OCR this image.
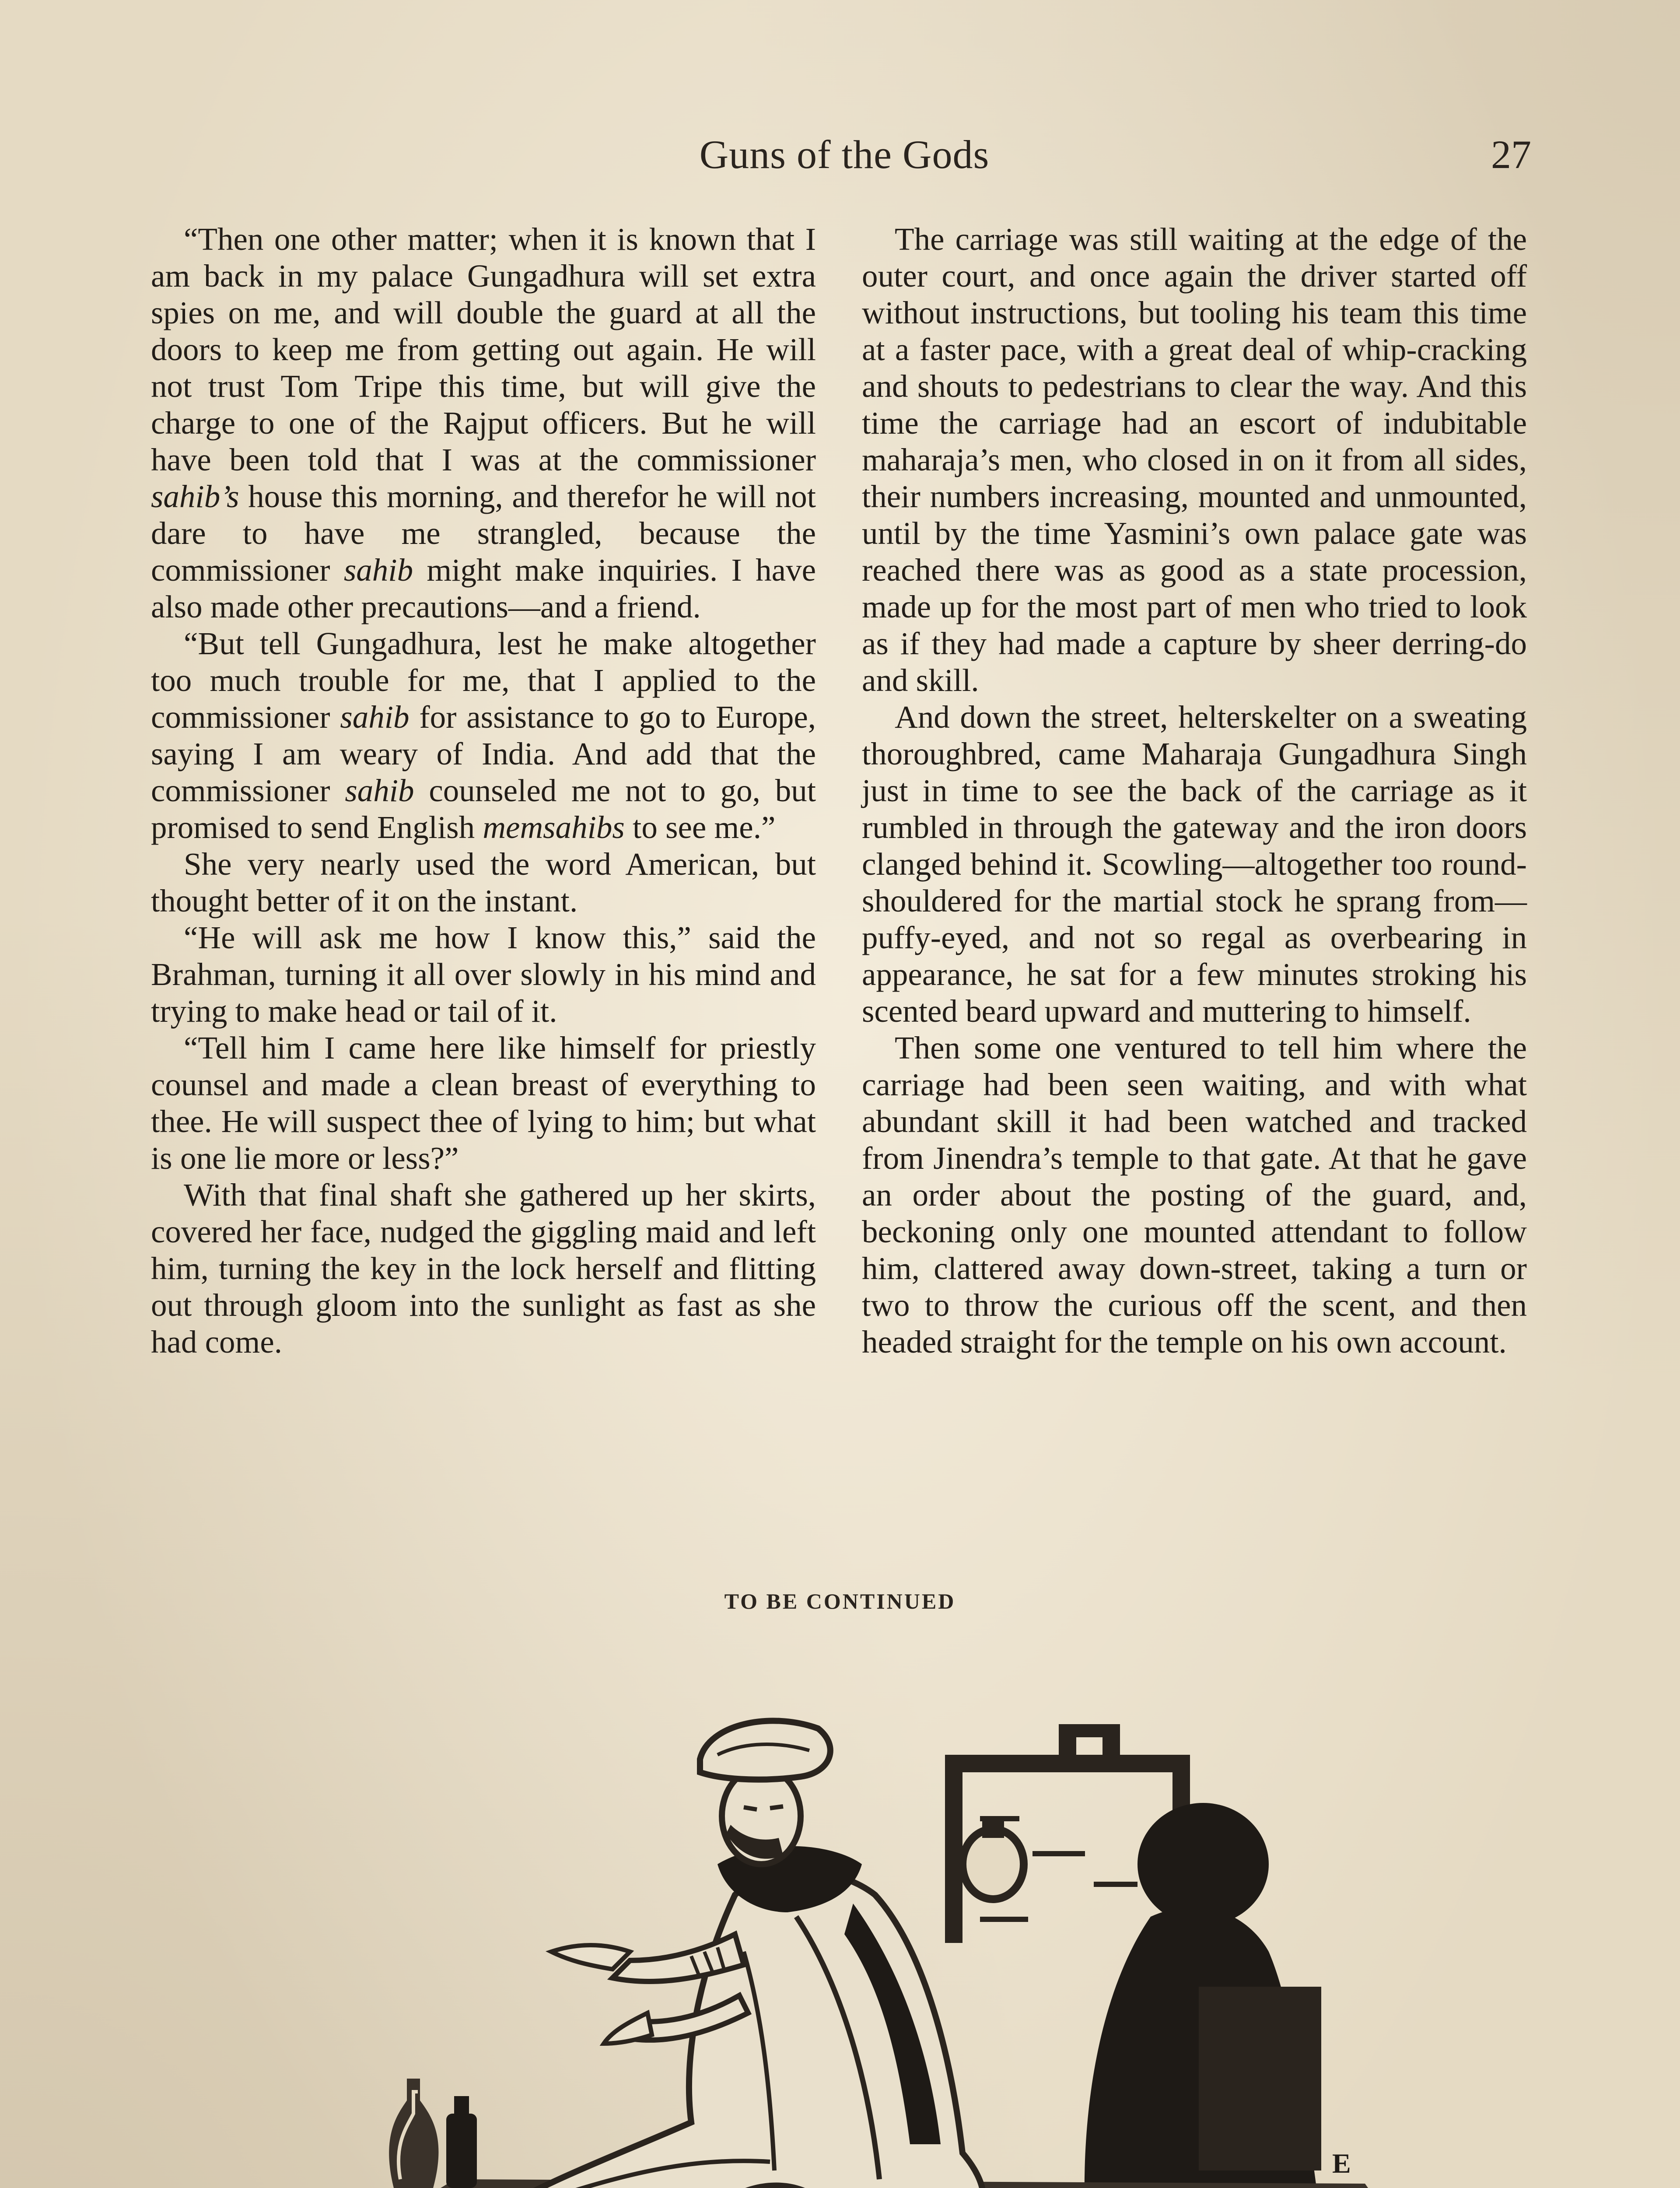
Guns of the Gods	27

“Then one other matter; when it is known that I am back in my palace Gungadhura will set extra spies on me, and will double the guard at all the doors to keep me from getting out again. He will not trust Tom Tripe this time, but will give the charge to one of the Rajput officers. But he will have been told that I was at the commissioner sahib’s house this morning, and therefor he will not dare to have me strangled, because the commissioner sahib might make inquiries. I have also made other precautions—and a friend.

“But tell Gungadhura, lest he make altogether too much trouble for me, that I applied to the commissioner sahib for assistance to go to Europe, saying I am weary of India. And add that the commissioner sahib counseled me not to go, but promised to send English memsahibs to see me.”

She very nearly used the word American, but thought better of it on the instant.

“He will ask me how I know this,” said the Brahman, turning it all over slowly in his mind and trying to make head or tail of it.

“Tell him I came here like himself for priestly counsel and made a clean breast of everything to thee. He will suspect thee of lying to him; but what is one lie more or less?”

With that final shaft she gathered up her skirts, covered her face, nudged the giggling maid and left him, turning the key in the lock herself and flitting out through gloom into the sunlight as fast as she had come.

The carriage was still waiting at the edge of the outer court, and once again the driver started off without instructions, but tooling his team this time at a faster pace, with a great deal of whip-cracking and shouts to pedestrians to clear the way. And this time the carriage had an escort of indubitable maharaja’s men, who closed in on it from all sides, their numbers increasing, mounted and unmounted, until by the time Yasmini’s own palace gate was reached there was as good as a state procession, made up for the most part of men who tried to look as if they had made a capture by sheer derring-do and skill.

And down the street, helterskelter on a sweating thoroughbred, came Maharaja Gungadhura Singh just in time to see the back of the carriage as it rumbled in through the gateway and the iron doors clanged behind it. Scowling—altogether too round-shouldered for the martial stock he sprang from—puffy-eyed, and not so regal as overbearing in appearance, he sat for a few minutes stroking his scented beard upward and muttering to himself.

Then some one ventured to tell him where the carriage had been seen waiting, and with what abundant skill it had been watched and tracked from Jinendra’s temple to that gate. At that he gave an order about the posting of the guard, and, beckoning only one mounted attendant to follow him, clattered away down-street, taking a turn or two to throw the curious off the scent, and then headed straight for the temple on his own account.

TO BE CONTINUED
E
